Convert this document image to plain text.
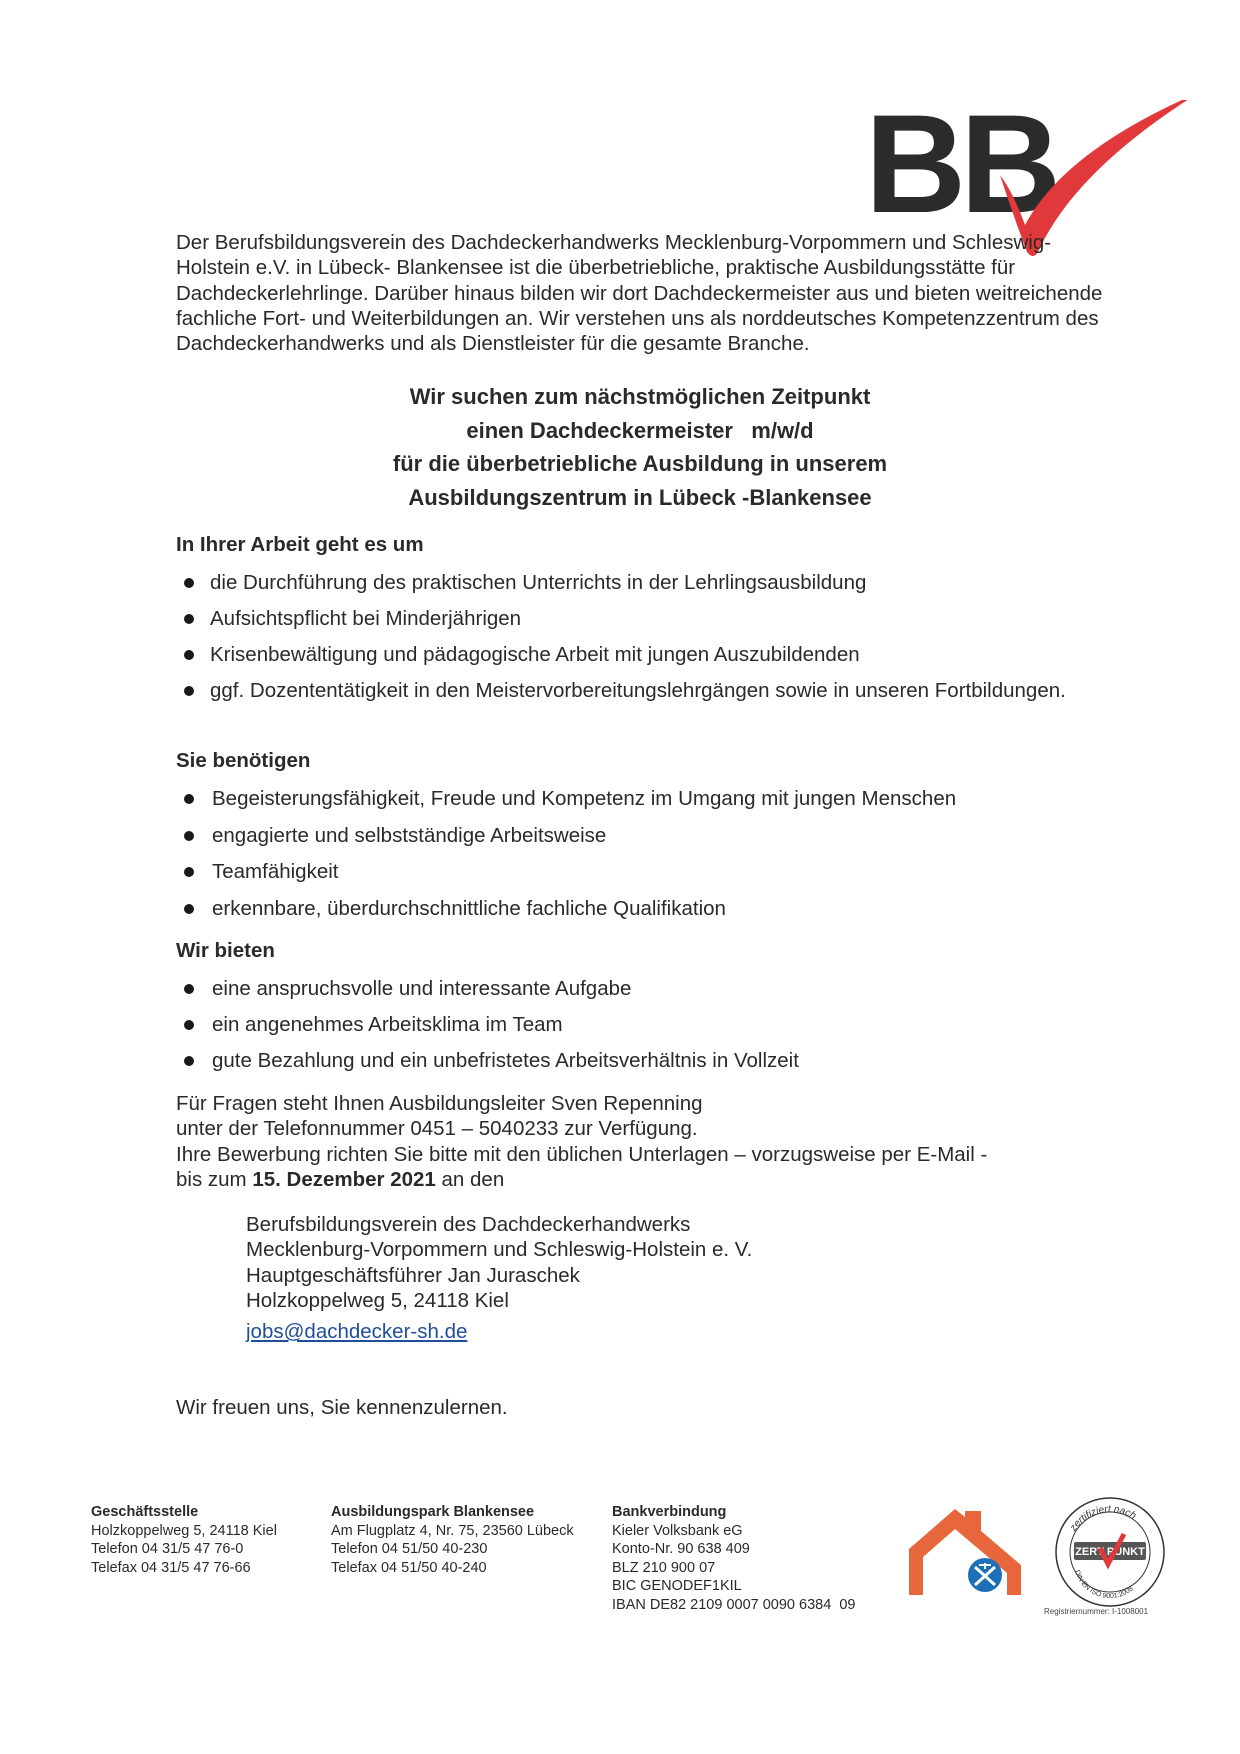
BB
Der Berufsbildungsverein des Dachdeckerhandwerks Mecklenburg-Vorpommern und Schleswig-Holstein e.V. in Lübeck- Blankensee ist die überbetriebliche, praktische Ausbildungsstätte für Dachdeckerlehrlinge. Darüber hinaus bilden wir dort Dachdeckermeister aus und bieten weitreichende fachliche Fort- und Weiterbildungen an. Wir verstehen uns als norddeutsches Kompetenzzentrum des Dachdeckerhandwerks und als Dienstleister für die gesamte Branche.
Wir suchen zum nächstmöglichen Zeitpunkt
einen Dachdeckermeister   m/w/d
für die überbetriebliche Ausbildung in unserem
Ausbildungszentrum in Lübeck -Blankensee
In Ihrer Arbeit geht es um
die Durchführung des praktischen Unterrichts in der Lehrlingsausbildung
Aufsichtspflicht bei Minderjährigen
Krisenbewältigung und pädagogische Arbeit mit jungen Auszubildenden
ggf. Dozententätigkeit in den Meistervorbereitungslehrgängen sowie in unseren Fortbildungen.
Sie benötigen
Begeisterungsfähigkeit, Freude und Kompetenz im Umgang mit jungen Menschen
engagierte und selbstständige Arbeitsweise
Teamfähigkeit
erkennbare, überdurchschnittliche fachliche Qualifikation
Wir bieten
eine anspruchsvolle und interessante Aufgabe
ein angenehmes Arbeitsklima im Team
gute Bezahlung und ein unbefristetes Arbeitsverhältnis in Vollzeit
Für Fragen steht Ihnen Ausbildungsleiter Sven Repenning
unter der Telefonnummer 0451 – 5040233 zur Verfügung.
Ihre Bewerbung richten Sie bitte mit den üblichen Unterlagen – vorzugsweise per E-Mail -
bis zum 15. Dezember 2021 an den
Berufsbildungsverein des Dachdeckerhandwerks
Mecklenburg-Vorpommern und Schleswig-Holstein e. V.
Hauptgeschäftsführer Jan Juraschek
Holzkoppelweg 5, 24118 Kiel
jobs@dachdecker-sh.de
Wir freuen uns, Sie kennenzulernen.
Geschäftsstelle
Holzkoppelweg 5, 24118 Kiel
Telefon 04 31/5 47 76-0
Telefax 04 31/5 47 76-66
Ausbildungspark Blankensee
Am Flugplatz 4, Nr. 75, 23560 Lübeck
Telefon 04 51/50 40-230
Telefax 04 51/50 40-240
Bankverbindung
Kieler Volksbank eG
Konto-Nr. 90 638 409
BLZ 210 900 07
BIC GENODEF1KIL
IBAN DE82 2109 0007 0090 6384  09
zertifiziert nach
ZERT PUNKT
DIN EN ISO 9001:2008
Registriernummer: I-1008001
